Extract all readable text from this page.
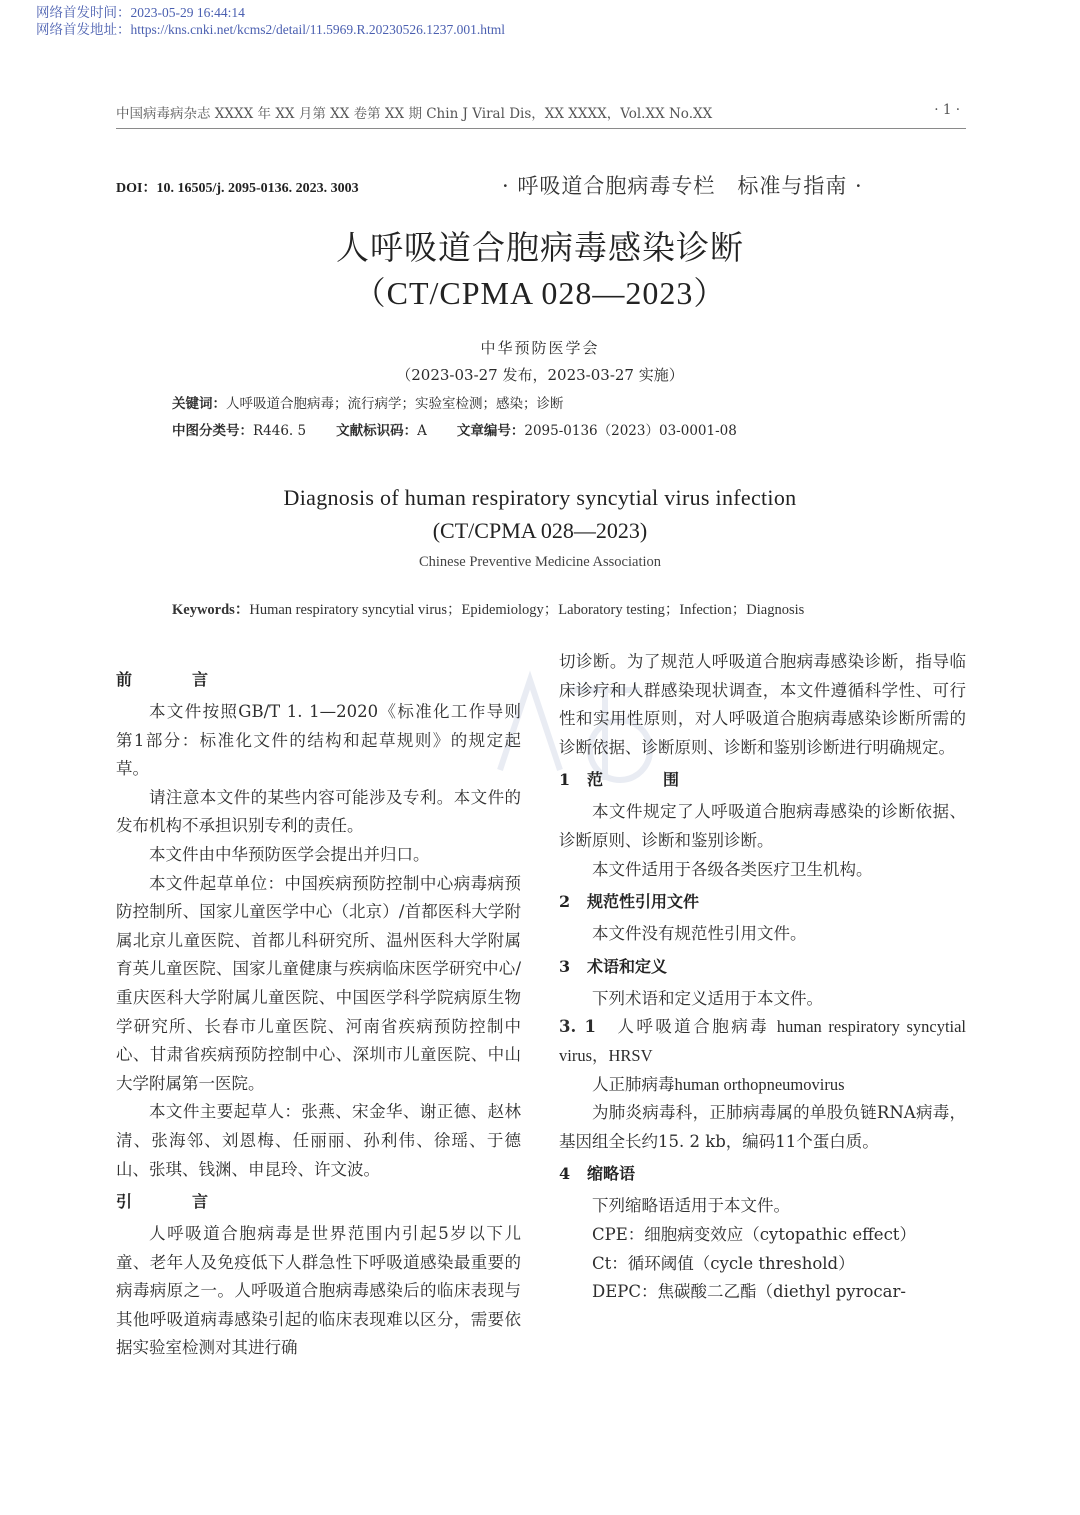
网络首发时间：2023-05-29 16:44:14
网络首发地址：https://kns.cnki.net/kcms2/detail/11.5969.R.20230526.1237.001.html
中国病毒病杂志 XXXX 年 XX 月第 XX 卷第 XX 期 Chin J Viral Dis，XX XXXX，Vol.XX No.XX	· 1 ·
DOI：10. 16505/j. 2095-0136. 2023. 3003	· 呼吸道合胞病毒专栏　标准与指南 ·
人呼吸道合胞病毒感染诊断
（CT/CPMA 028—2023）
中华预防医学会
（2023-03-27 发布，2023-03-27 实施）
关键词：人呼吸道合胞病毒；流行病学；实验室检测；感染；诊断
中图分类号：R446. 5 文献标识码：A 文章编号：2095-0136（2023）03-0001-08
Diagnosis of human respiratory syncytial virus infection
(CT/CPMA 028—2023)
Chinese Preventive Medicine Association
Keywords：Human respiratory syncytial virus；Epidemiology；Laboratory testing；Infection；Diagnosis
前　言

本文件按照GB/T 1. 1—2020《标准化工作导则　第1部分：标准化文件的结构和起草规则》的规定起草。

请注意本文件的某些内容可能涉及专利。本文件的发布机构不承担识别专利的责任。

本文件由中华预防医学会提出并归口。

本文件起草单位：中国疾病预防控制中心病毒病预防控制所、国家儿童医学中心（北京）/首都医科大学附属北京儿童医院、首都儿科研究所、温州医科大学附属育英儿童医院、国家儿童健康与疾病临床医学研究中心/重庆医科大学附属儿童医院、中国医学科学院病原生物学研究所、长春市儿童医院、河南省疾病预防控制中心、甘肃省疾病预防控制中心、深圳市儿童医院、中山大学附属第一医院。

本文件主要起草人：张燕、宋金华、谢正德、赵林清、张海邻、刘恩梅、任丽丽、孙利伟、徐瑶、于德山、张琪、钱渊、申昆玲、许文波。

引　言

人呼吸道合胞病毒是世界范围内引起5岁以下儿童、老年人及免疫低下人群急性下呼吸道感染最重要的病毒病原之一。人呼吸道合胞病毒感染后的临床表现与其他呼吸道病毒感染引起的临床表现难以区分，需要依据实验室检测对其进行确

切诊断。为了规范人呼吸道合胞病毒感染诊断，指导临床诊疗和人群感染现状调查，本文件遵循科学性、可行性和实用性原则，对人呼吸道合胞病毒感染诊断所需的诊断依据、诊断原则、诊断和鉴别诊断进行明确规定。

1 范　围

本文件规定了人呼吸道合胞病毒感染的诊断依据、诊断原则、诊断和鉴别诊断。

本文件适用于各级各类医疗卫生机构。

2 规范性引用文件

本文件没有规范性引用文件。

3 术语和定义

下列术语和定义适用于本文件。

3. 1　 人呼吸道合胞病毒 human respiratory syncytial virus，HRSV

人正肺病毒human orthopneumovirus

为肺炎病毒科，正肺病毒属的单股负链RNA病毒，基因组全长约15. 2 kb，编码11个蛋白质。

4 缩略语

下列缩略语适用于本文件。

CPE：细胞病变效应（cytopathic effect）

Ct：循环阈值（cycle threshold）

DEPC：焦碳酸二乙酯（diethyl pyrocar-
